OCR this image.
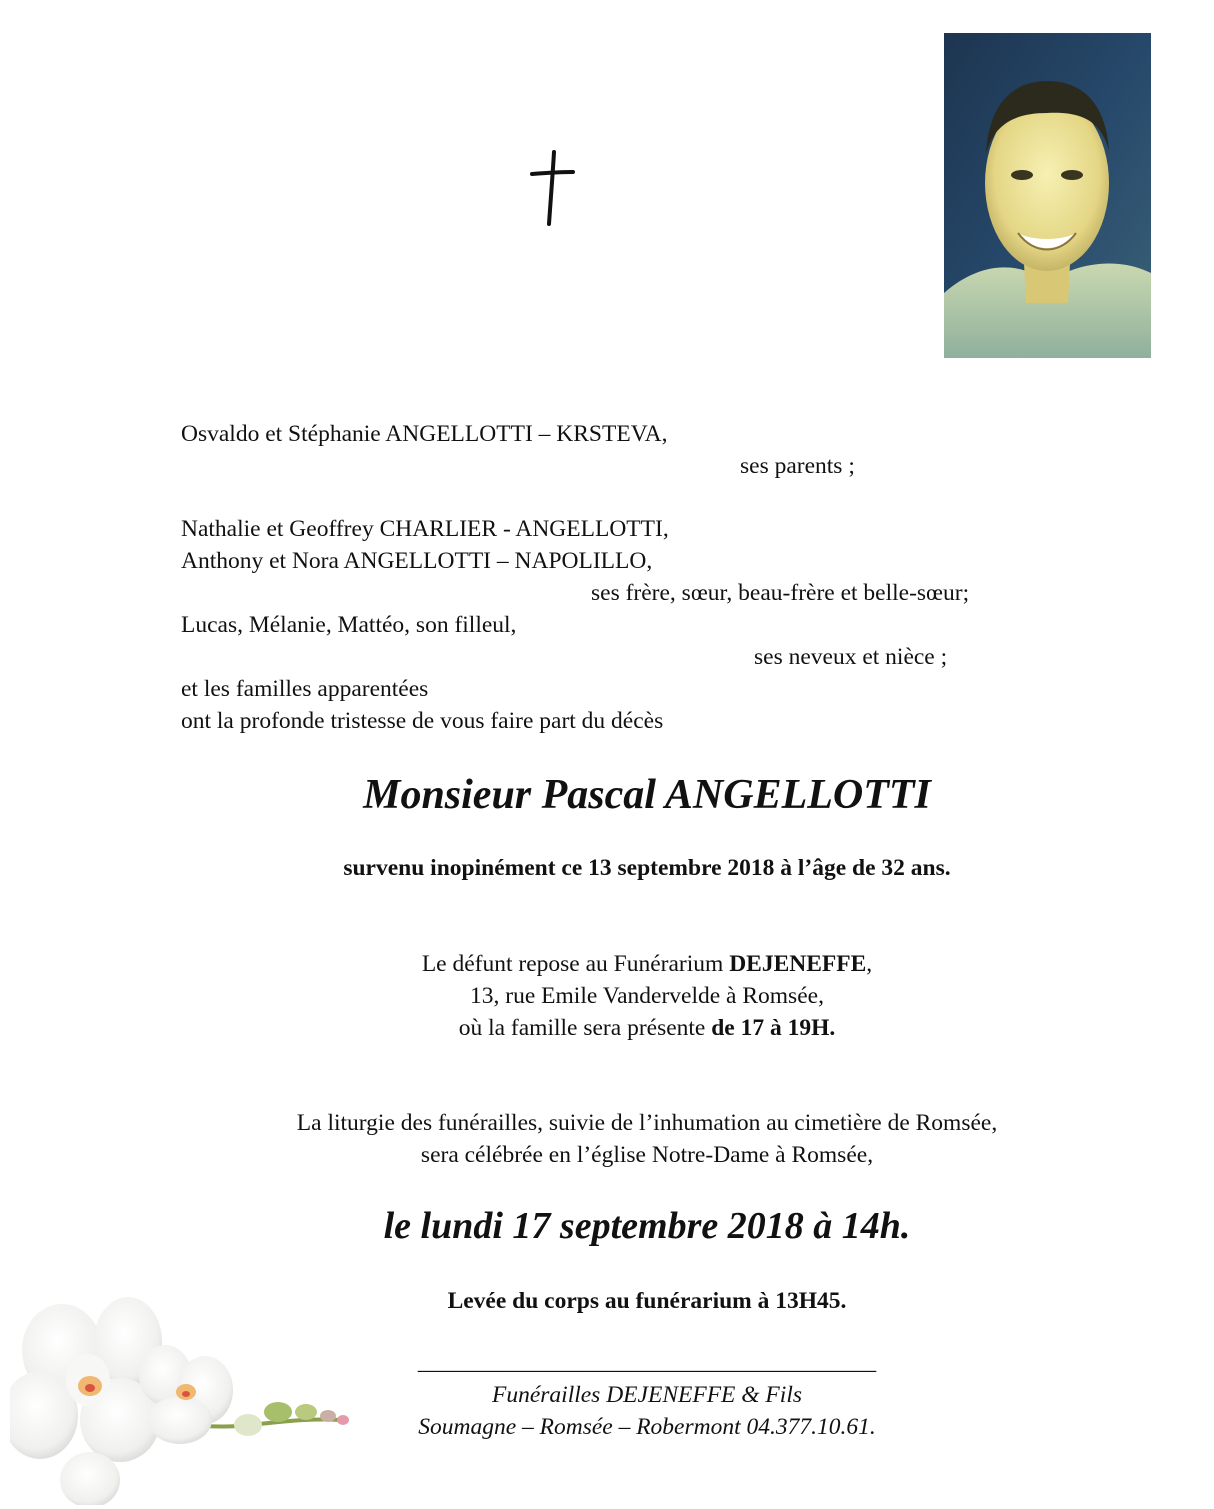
Osvaldo et Stéphanie ANGELLOTTI – KRSTEVA,
ses parents ;
Nathalie et Geoffrey CHARLIER - ANGELLOTTI,
Anthony et Nora ANGELLOTTI – NAPOLILLO,
ses frère, sœur, beau-frère et belle-sœur;
Lucas, Mélanie, Mattéo, son filleul,
ses neveux et nièce ;
et les familles apparentées
ont la profonde tristesse de vous faire part du décès
Monsieur Pascal ANGELLOTTI
survenu inopinément ce 13 septembre 2018 à l’âge de 32 ans.
Le défunt repose au Funérarium DEJENEFFE,
13, rue Emile Vandervelde à Romsée,
où la famille sera présente de 17 à 19H.
La liturgie des funérailles, suivie de l’inhumation au cimetière de Romsée,
sera célébrée en l’église Notre-Dame à Romsée,
le lundi 17 septembre 2018 à 14h.
Levée du corps au funérarium à 13H45.
_______________________________________
Funérailles DEJENEFFE & Fils
Soumagne – Romsée – Robermont 04.377.10.61.
